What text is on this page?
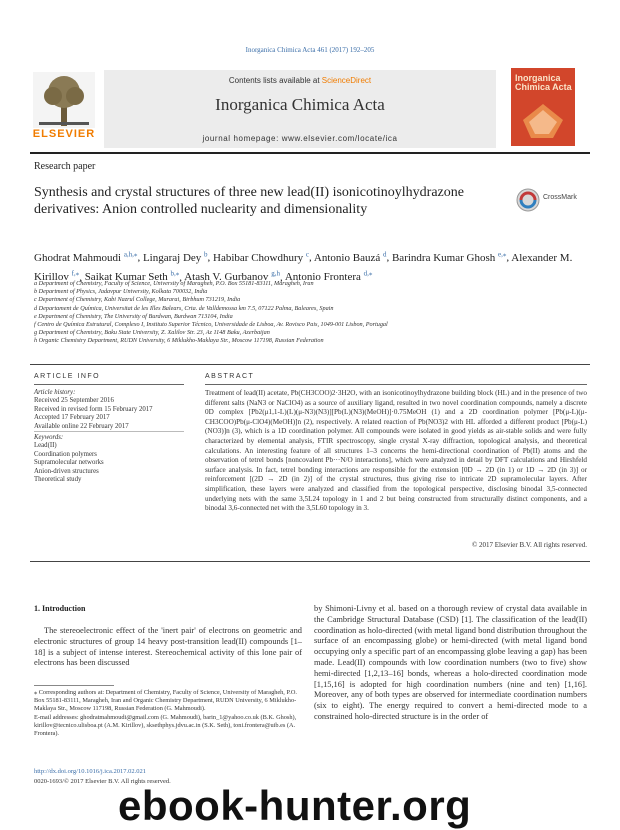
Inorganica Chimica Acta 461 (2017) 192–205
ELSEVIER
Contents lists available at ScienceDirect
Inorganica Chimica Acta
journal homepage: www.elsevier.com/locate/ica
Inorganica Chimica Acta
Research paper
Synthesis and crystal structures of three new lead(II) isonicotinoylhydrazone derivatives: Anion controlled nuclearity and dimensionality
CrossMark
Ghodrat Mahmoudi $^{a,h,⁎}$, Lingaraj Dey $^b$, Habibar Chowdhury $^c$, Antonio Bauzá $^d$, Barindra Kumar Ghosh $^{e,⁎}$, Alexander M. Kirillov $^{f,⁎}$, Saikat Kumar Seth $^{b,⁎}$, Atash V. Gurbanov $^{g,h}$, Antonio Frontera $^{d,⁎}$
a Department of Chemistry, Faculty of Science, University of Maragheh, P.O. Box 55181-83111, Maragheh, Iran
b Department of Physics, Jadavpur University, Kolkata 700032, India
c Department of Chemistry, Kabi Nazrul College, Murarai, Birbhum 731219, India
d Departament de Química, Universitat de les Illes Balears, Crta. de Valldemossa km 7.5, 07122 Palma, Baleares, Spain
e Department of Chemistry, The University of Burdwan, Burdwan 713104, India
f Centro de Química Estrutural, Complexo I, Instituto Superior Técnico, Universidade de Lisboa, Av. Rovisco Pais, 1049-001 Lisbon, Portugal
g Department of Chemistry, Baku State University, Z. Xalilov Str. 23, Az 1148 Baku, Azerbaijan
h Organic Chemistry Department, RUDN University, 6 Miklukho-Maklaya Str., Moscow 117198, Russian Federation
ARTICLE INFO
Article history:
Received 25 September 2016
Received in revised form 15 February 2017
Accepted 17 February 2017
Available online 22 February 2017
Keywords:
Lead(II)
Coordination polymers
Supramolecular networks
Anion-driven structures
Theoretical study
ABSTRACT
Treatment of lead(II) acetate, Pb(CH3COO)2·3H2O, with an isonicotinoylhydrazone building block (HL) and in the presence of two different salts (NaN3 or NaClO4) as a source of auxiliary ligand, resulted in two novel coordination compounds, namely a discrete 0D complex [Pb2(μ1,1-L)(L)(μ-N3)(N3)][Pb(L)(N3)(MeOH)]·0.75MeOH (1) and a 2D coordination polymer [Pb(μ-L)(μ-CH3COO)Pb(μ-ClO4)(MeOH)]n (2), respectively. A related reaction of Pb(NO3)2 with HL afforded a different product [Pb(μ-L)(NO3)]n (3), which is a 1D coordination polymer. All compounds were isolated in good yields as air-stable solids and were fully characterized by elemental analysis, FTIR spectroscopy, single crystal X-ray diffraction, topological analysis, and theoretical calculations. An interesting feature of all structures 1–3 concerns the hemi-directional coordination of Pb(II) atoms and the observation of tetrel bonds [noncovalent Pb···N/O interactions], which were analyzed in detail by DFT calculations and Hirshfeld surface analysis. In fact, tetrel bonding interactions are responsible for the extension [0D → 2D (in 1) or 1D → 2D (in 3)] or reinforcement [(2D → 2D (in 2)] of the crystal structures, thus giving rise to intricate 2D supramolecular layers. After simplification, these layers were analyzed and classified from the topological perspective, disclosing binodal 3,5-connected underlying nets with the same 3,5L24 topology in 1 and 2 but being constructed from structurally distinct components, and a binodal 3,6-connected net with the 3,5L60 topology in 3.
© 2017 Elsevier B.V. All rights reserved.
1. Introduction
The stereoelectronic effect of the 'inert pair' of electrons on geometric and electronic structures of group 14 heavy post-transition lead(II) compounds [1–18] is a subject of intense interest. Stereochemical activity of this lone pair of electrons has been discussed
by Shimoni-Livny et al. based on a thorough review of crystal data available in the Cambridge Structural Database (CSD) [1]. The classification of the lead(II) coordination as holo-directed (with metal ligand bond distribution throughout the surface of an encompassing globe) or hemi-directed (with metal ligand bond occupying only a specific part of an encompassing globe leaving a gap) has been made. Lead(II) compounds with low coordination numbers (two to five) show hemi-directed [1,2,13–16] bonds, whereas a holo-directed coordination mode [1,15,16] is adopted for high coordination numbers (nine and ten) [1,16]. Moreover, any of both types are observed for intermediate coordination numbers (six to eight). The energy required to convert a hemi-directed mode to a constrained holo-directed structure is in the order of
⁎ Corresponding authors at: Department of Chemistry, Faculty of Science, University of Maragheh, P.O. Box 55181-83111, Maragheh, Iran and Organic Chemistry Department, RUDN University, 6 Miklukho-Maklaya Str., Moscow 117198, Russian Federation (G. Mahmoudi).
E-mail addresses: ghodratmahmoudi@gmail.com (G. Mahmoudi), barin_1@yahoo.co.uk (B.K. Ghosh), kirillov@tecnico.ulisboa.pt (A.M. Kirillov), sksethphys.jdvu.ac.in (S.K. Seth), toni.frontera@uib.es (A. Frontera).
http://dx.doi.org/10.1016/j.ica.2017.02.021
0020-1693/© 2017 Elsevier B.V. All rights reserved.
ebook-hunter.org
